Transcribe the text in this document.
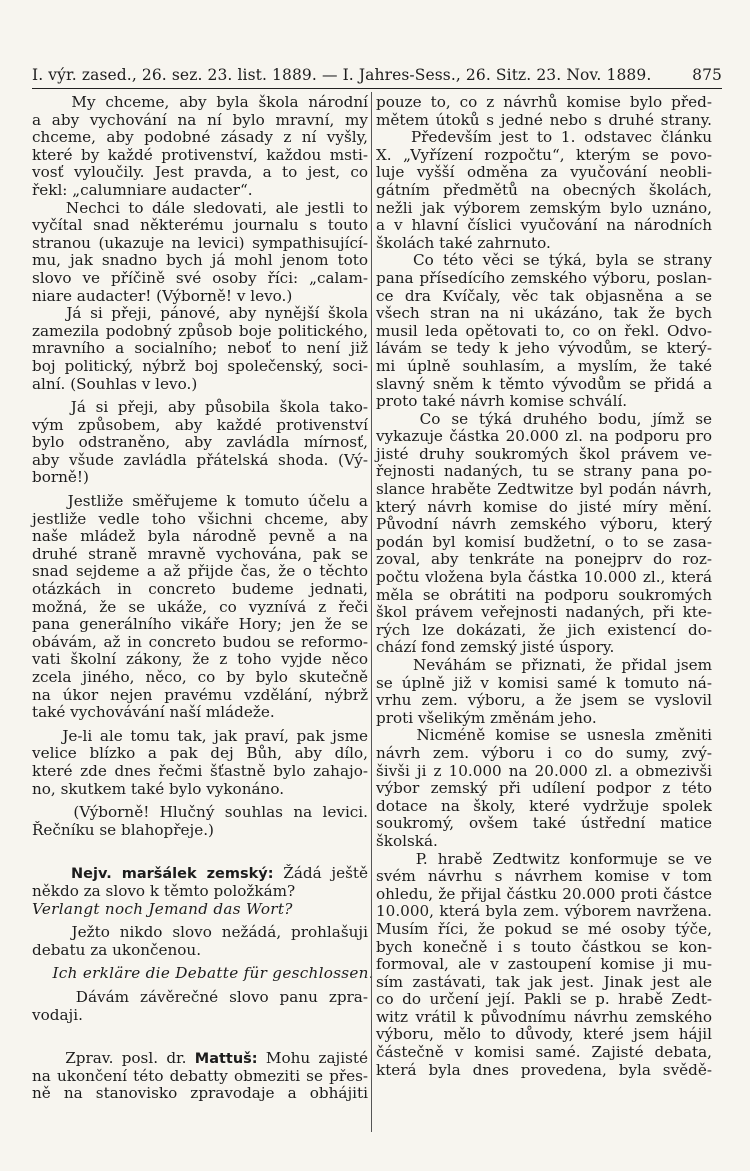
I. výr. zased., 26. sez. 23. list. 1889. — I. Jahres-Sess., 26. Sitz. 23. Nov. 1889.	875
My chceme, aby byla škola národní
a aby vychování na ní bylo mravní, my
chceme, aby podobné zásady z ní vyšly,
které by každé protivenství, každou msti-
vosť vyloučily. Jest pravda, a to jest, co
řekl: „calumniare audacter“.
Nechci to dále sledovati, ale jestli to
vyčítal snad některému journalu s touto
stranou (ukazuje na levici) sympathisující-
mu, jak snadno bych já mohl jenom toto
slovo ve příčině své osoby říci: „calam-
niare audacter! (Výborně! v levo.)
Já si přeji, pánové, aby nynější škola
zamezila podobný způsob boje politického,
mravního a socialního; neboť to není již
boj politický, nýbrž boj společenský, soci-
alní. (Souhlas v levo.)
Já si přeji, aby působila škola tako-
vým způsobem, aby každé protivenství
bylo odstraněno, aby zavládla mírnosť,
aby všude zavládla přátelská shoda. (Vý-
borně!)
Jestliže směřujeme k tomuto účelu a
jestliže vedle toho všichni chceme, aby
naše mládež byla národně pevně a na
druhé straně mravně vychována, pak se
snad sejdeme a až přijde čas, že o těchto
otázkách in concreto budeme jednati,
možná, že se ukáže, co vyznívá z řeči
pana generálního vikáře Hory; jen že se
obávám, až in concreto budou se reformo-
vati školní zákony, že z toho vyjde něco
zcela jiného, něco, co by bylo skutečně
na úkor nejen pravému vzdělání, nýbrž
také vychovávání naší mládeže.
Je-li ale tomu tak, jak praví, pak jsme
velice blízko a pak dej Bůh, aby dílo,
které zde dnes řečmi šťastně bylo zahajo-
no, skutkem také bylo vykonáno.
(Výborně! Hlučný souhlas na levici.
Řečníku se blahopřeje.)
Nejv. maršálek zemský: Žádá ještě
někdo za slovo k těmto položkám?
Verlangt noch Jemand das Wort?
Ježto nikdo slovo nežádá, prohlašuji
debatu za ukončenou.
Ich erkläre die Debatte für geschlossen.
Dávám závěrečné slovo panu zpra-
vodaji.
Zprav. posl. dr. Mattuš: Mohu zajisté
na ukončení této debatty obmeziti se přes-
ně na stanovisko zpravodaje a obhájiti
pouze to, co z návrhů komise bylo před-
mětem útoků s jedné nebo s druhé strany.
Především jest to 1. odstavec článku
X. „Vyřízení rozpočtu“, kterým se povo-
luje vyšší odměna za vyučování neobli-
gátním předmětů na obecných školách,
nežli jak výborem zemským bylo uznáno,
a v hlavní číslici vyučování na národních
školách také zahrnuto.
Co této věci se týká, byla se strany
pana přísedícího zemského výboru, poslan-
ce dra Kvíčaly, věc tak objasněna a se
všech stran na ni ukázáno, tak že bych
musil leda opětovati to, co on řekl. Odvo-
lávám se tedy k jeho vývodům, se který-
mi úplně souhlasím, a myslím, že také
slavný sněm k těmto vývodům se přidá a
proto také návrh komise schválí.
Co se týká druhého bodu, jímž se
vykazuje částka 20.000 zl. na podporu pro
jisté druhy soukromých škol právem ve-
řejnosti nadaných, tu se strany pana po-
slance hraběte Zedtwitze byl podán návrh,
který návrh komise do jisté míry mění.
Původní návrh zemského výboru, který
podán byl komisí budžetní, o to se zasa-
zoval, aby tenkráte na ponejprv do roz-
počtu vložena byla částka 10.000 zl., která
měla se obrátiti na podporu soukromých
škol právem veřejnosti nadaných, při kte-
rých lze dokázati, že jich existencí do-
chází fond zemský jisté úspory.
Neváhám se přiznati, že přidal jsem
se úplně již v komisi samé k tomuto ná-
vrhu zem. výboru, a že jsem se vyslovil
proti všelikým změnám jeho.
Nicméně komise se usnesla změniti
návrh zem. výboru i co do sumy, zvý-
šivši ji z 10.000 na 20.000 zl. a obmezivši
výbor zemský při udílení podpor z této
dotace na školy, které vydržuje spolek
soukromý, ovšem také ústřední matice
školská.
P. hrabě Zedtwitz konformuje se ve
svém návrhu s návrhem komise v tom
ohledu, že přijal částku 20.000 proti částce
10.000, která byla zem. výborem navržena.
Musím říci, že pokud se mé osoby týče,
bych konečně i s touto částkou se kon-
formoval, ale v zastoupení komise ji mu-
sím zastávati, tak jak jest. Jinak jest ale
co do určení její. Pakli se p. hrabě Zedt-
witz vrátil k původnímu návrhu zemského
výboru, mělo to důvody, které jsem hájil
částečně v komisi samé. Zajisté debata,
která byla dnes provedena, byla svědě-
